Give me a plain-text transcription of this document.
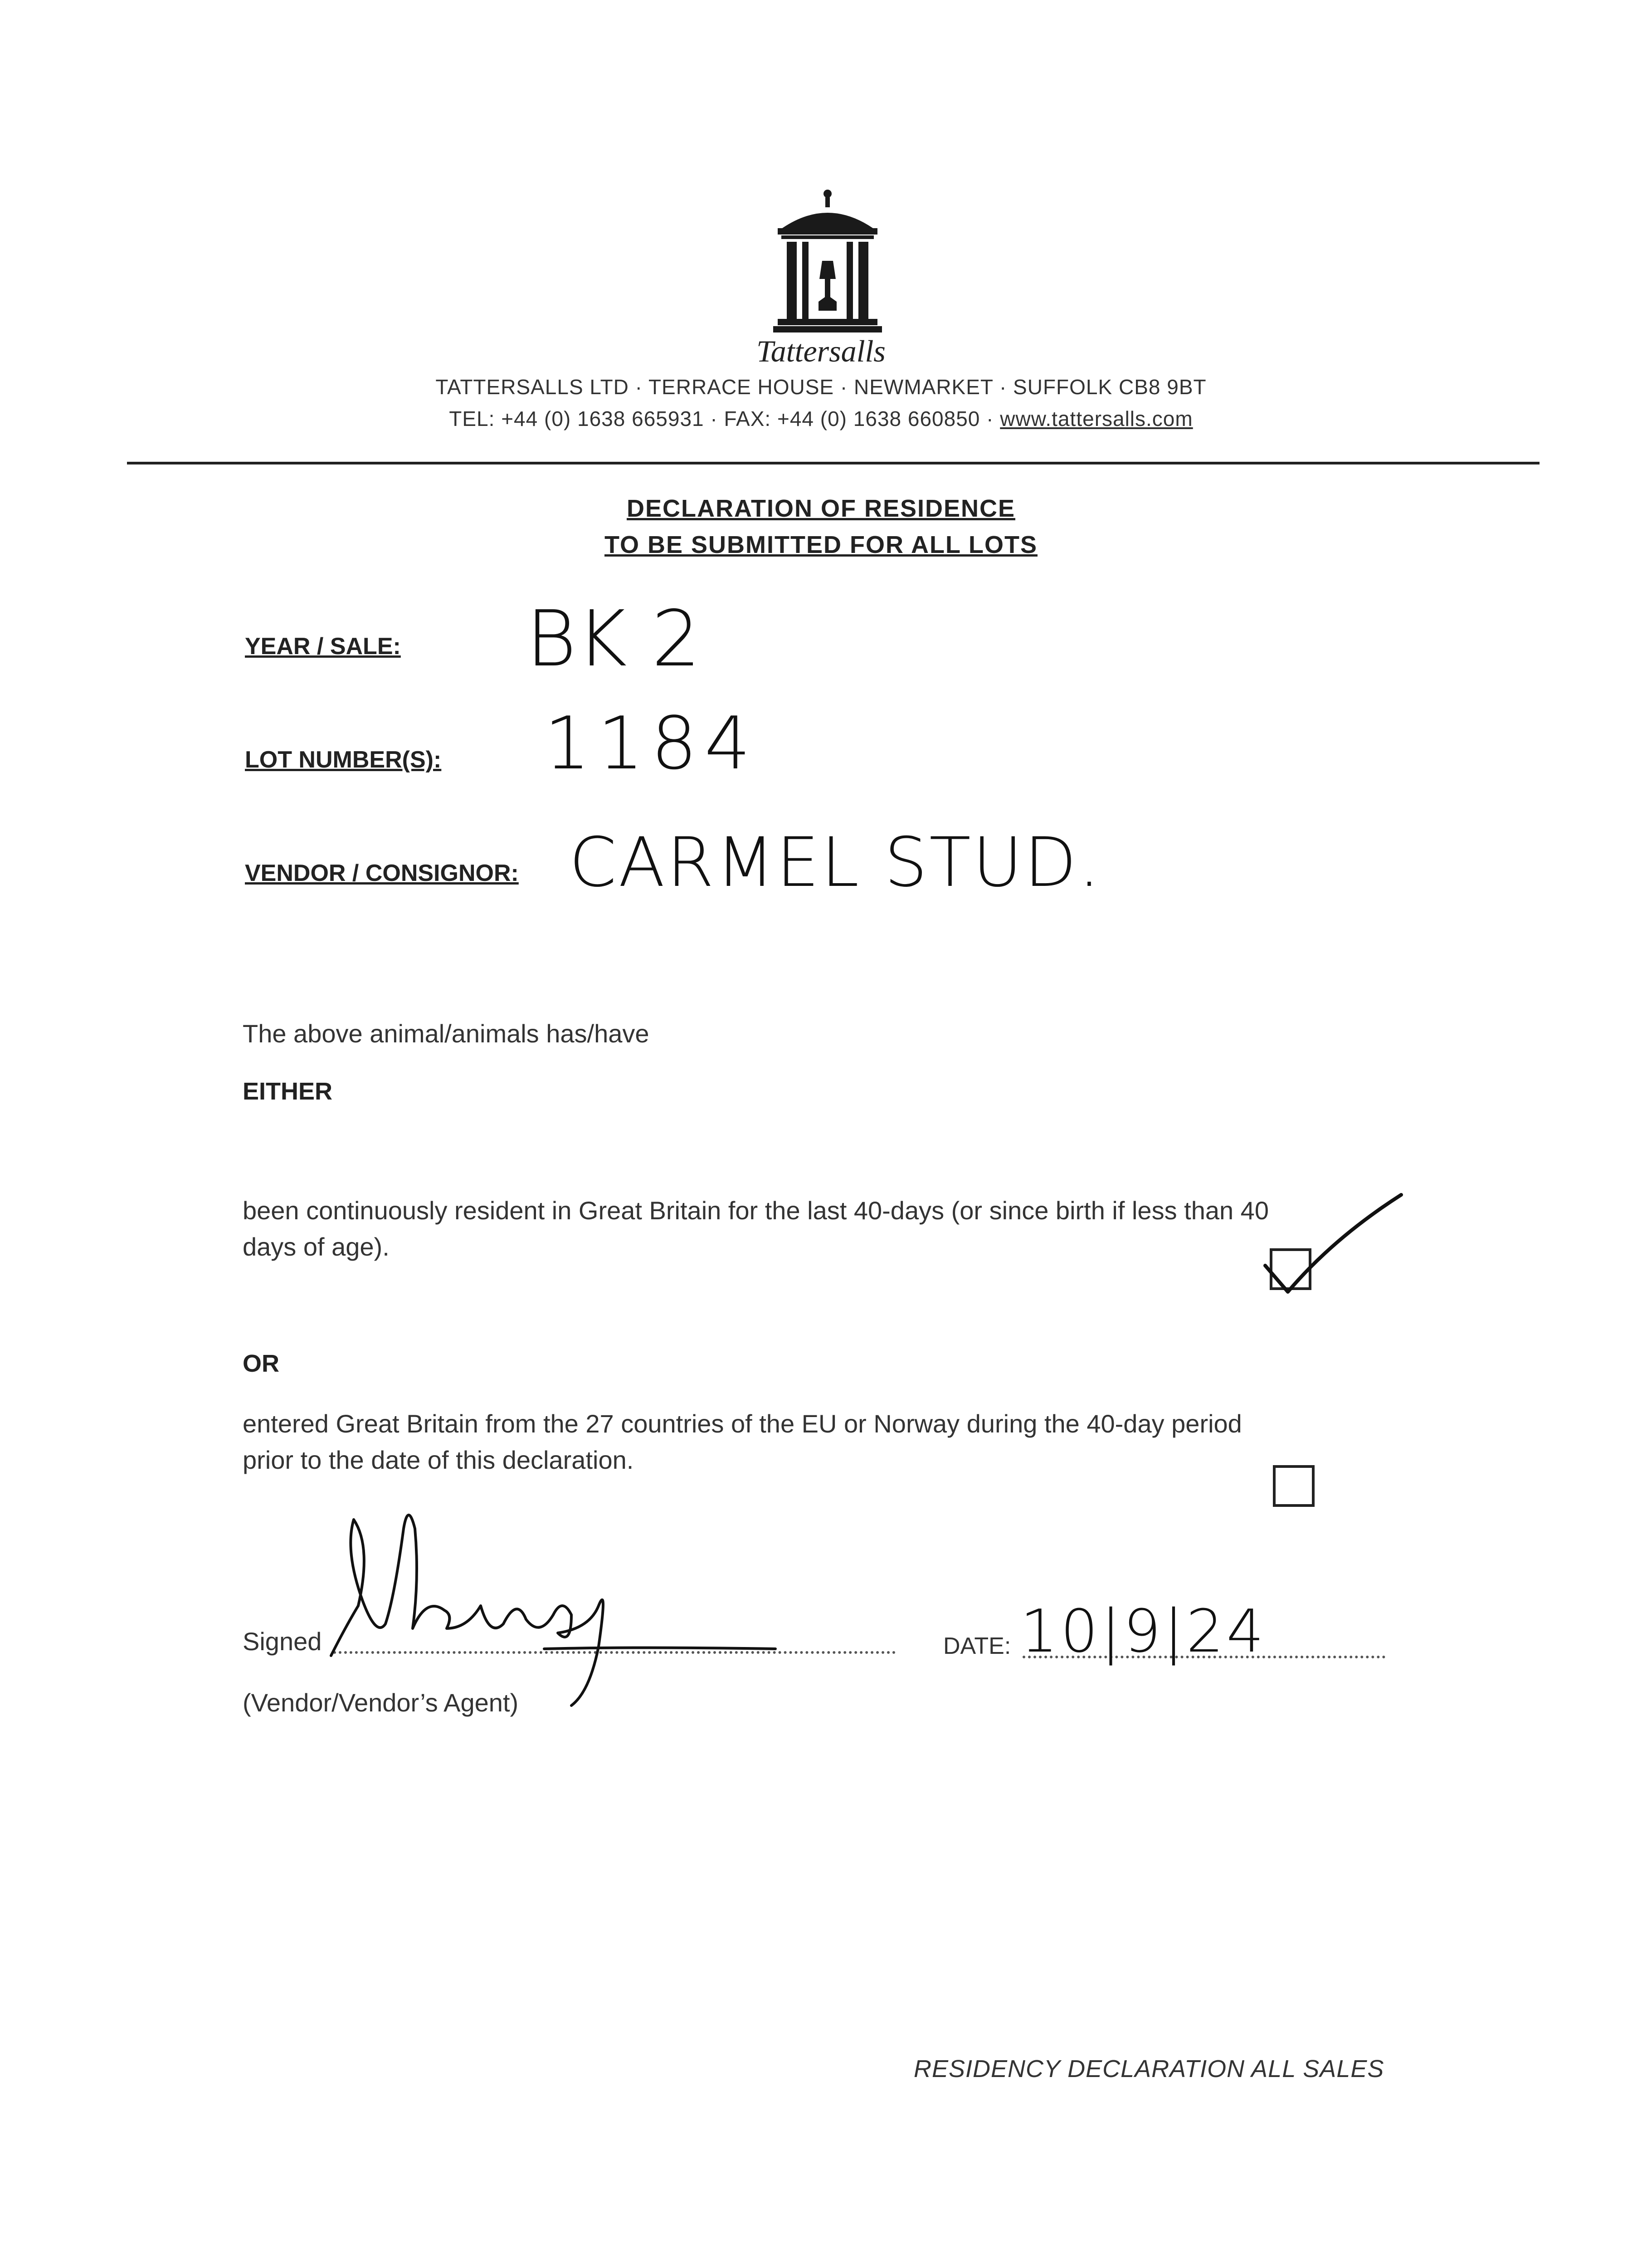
Tattersalls
TATTERSALLS LTD · TERRACE HOUSE · NEWMARKET · SUFFOLK CB8 9BT
TEL: +44 (0) 1638 665931 · FAX: +44 (0) 1638 660850 · www.tattersalls.com
DECLARATION OF RESIDENCE
TO BE SUBMITTED FOR ALL LOTS
YEAR / SALE: BK 2
LOT NUMBER(S): 1184
VENDOR / CONSIGNOR: CARMEL STUD.
The above animal/animals has/have
EITHER
been continuously resident in Great Britain for the last 40-days (or since birth if less than 40
days of age).
OR
entered Great Britain from the 27 countries of the EU or Norway during the 40-day period
prior to the date of this declaration.
Signed	DATE: 10|9|24
(Vendor/Vendor’s Agent)
RESIDENCY DECLARATION ALL SALES
